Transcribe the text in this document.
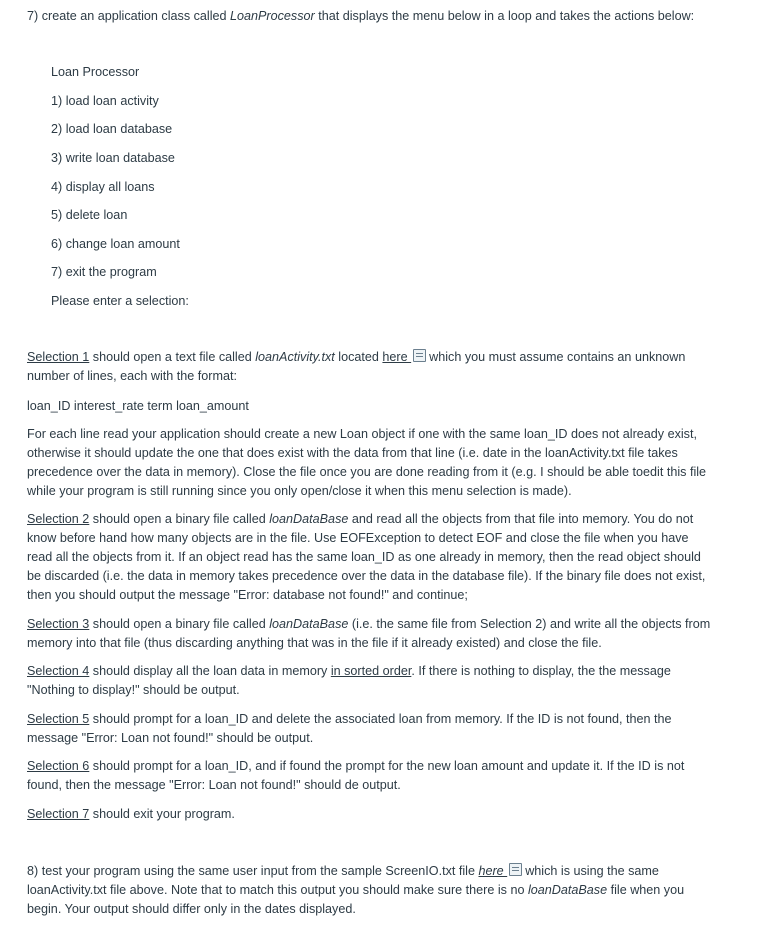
7) create an application class called LoanProcessor that displays the menu below in a loop and takes the actions below:
Loan Processor
1) load loan activity
2) load loan database
3) write loan database
4) display all loans
5) delete loan
6) change loan amount
7) exit the program
Please enter a selection:

Selection 1 should open a text file called loanActivity.txt located here which you must assume contains an unknown number of lines, each with the format:

loan_ID interest_rate term loan_amount

For each line read your application should create a new Loan object if one with the same loan_ID does not already exist, otherwise it should update the one that does exist with the data from that line (i.e. date in the loanActivity.txt file takes precedence over the data in memory). Close the file once you are done reading from it (e.g. I should be able toedit this file while your program is still running since you only open/close it when this menu selection is made).

Selection 2 should open a binary file called loanDataBase and read all the objects from that file into memory. You do not know before hand how many objects are in the file. Use EOFException to detect EOF and close the file when you have read all the objects from it. If an object read has the same loan_ID as one already in memory, then the read object should be discarded (i.e. the data in memory takes precedence over the data in the database file). If the binary file does not exist, then you should output the message "Error: database not found!" and continue;

Selection 3 should open a binary file called loanDataBase (i.e. the same file from Selection 2) and write all the objects from memory into that file (thus discarding anything that was in the file if it already existed) and close the file.

Selection 4 should display all the loan data in memory in sorted order. If there is nothing to display, the the message "Nothing to display!" should be output.

Selection 5 should prompt for a loan_ID and delete the associated loan from memory. If the ID is not found, then the message "Error: Loan not found!" should be output.

Selection 6 should prompt for a loan_ID, and if found the prompt for the new loan amount and update it. If the ID is not found, then the message "Error: Loan not found!" should de output.

Selection 7 should exit your program.

8) test your program using the same user input from the sample ScreenIO.txt file here which is using the same loanActivity.txt file above. Note that to match this output you should make sure there is no loanDataBase file when you begin. Your output should differ only in the dates displayed.
